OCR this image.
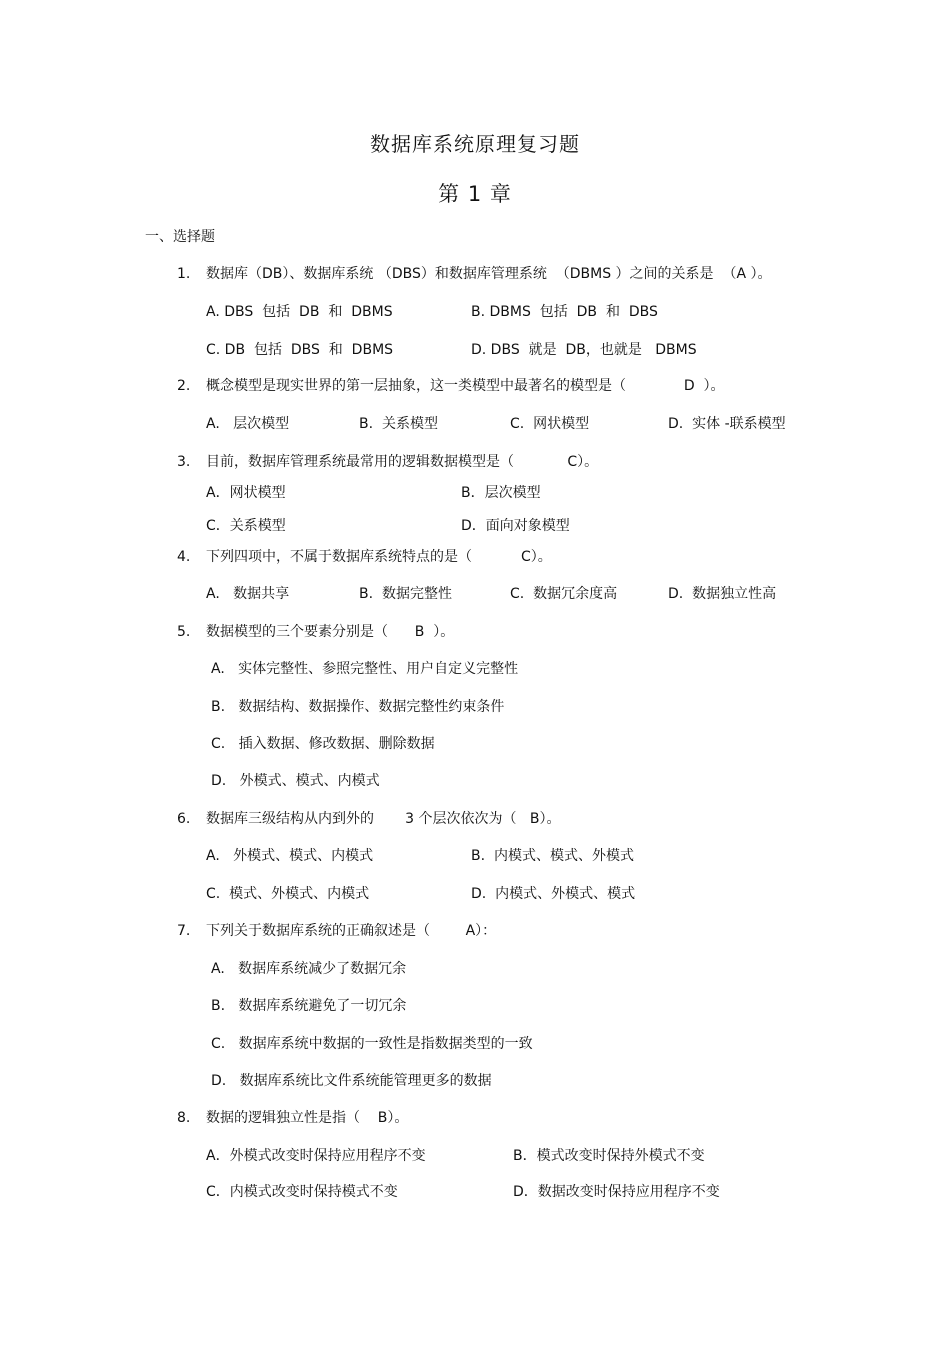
数据库系统原理复习题
第 1 章
一、选择题
1. 数据库（DB）、数据库系统 （DBS）和数据库管理系统  （DBMS ）之间的关系是  （A ）。
A. DBS  包括  DB  和  DBMS	B. DBMS  包括  DB  和  DBS
C. DB  包括  DBS  和  DBMS	D. DBS  就是  DB，也就是   DBMS
2. 概念模型是现实世界的第一层抽象，这一类模型中最著名的模型是（             D  ）。
A.   层次模型	B.  关系模型	C.  网状模型	D.  实体 -联系模型
3. 目前，数据库管理系统最常用的逻辑数据模型是（            C）。
A．网状模型	B．层次模型
C．关系模型	D．面向对象模型
4. 下列四项中，不属于数据库系统特点的是（           C）。
A.   数据共享	B.  数据完整性	C.  数据冗余度高	D.  数据独立性高
5. 数据模型的三个要素分别是（      B  ）。
A.   实体完整性、参照完整性、用户自定义完整性
B.   数据结构、数据操作、数据完整性约束条件
C.   插入数据、修改数据、删除数据
D.   外模式、模式、内模式
6. 数据库三级结构从内到外的       3 个层次依次为（   B）。
A.   外模式、模式、内模式	B.  内模式、模式、外模式
C.  模式、外模式、内模式	D.  内模式、外模式、模式
7. 下列关于数据库系统的正确叙述是（        A）：
A.   数据库系统减少了数据冗余
B.   数据库系统避免了一切冗余
C.   数据库系统中数据的一致性是指数据类型的一致
D.   数据库系统比文件系统能管理更多的数据
8. 数据的逻辑独立性是指（    B）。
A．外模式改变时保持应用程序不变	B．模式改变时保持外模式不变
C．内模式改变时保持模式不变	D．数据改变时保持应用程序不变
